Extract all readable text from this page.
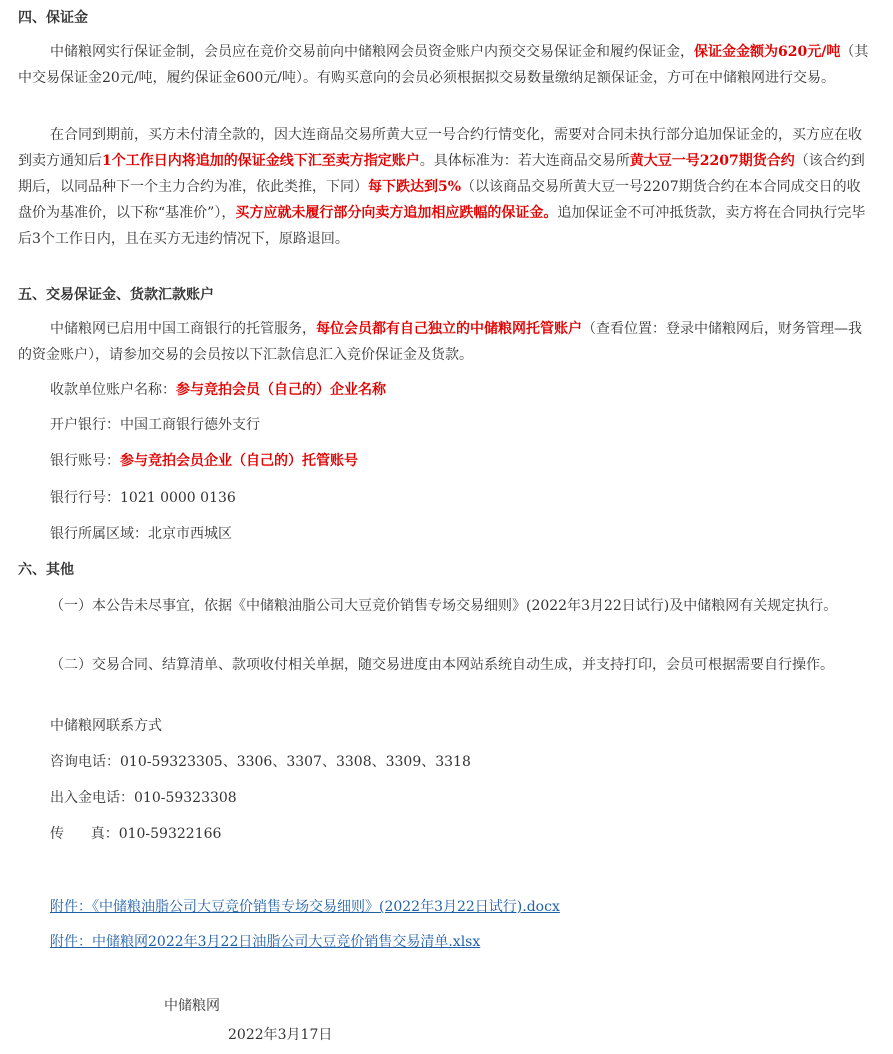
四、保证金

中储粮网实行保证金制，会员应在竞价交易前向中储粮网会员资金账户内预交交易保证金和履约保证金，保证金金额为620元/吨（其中交易保证金20元/吨，履约保证金600元/吨）。有购买意向的会员必须根据拟交易数量缴纳足额保证金，方可在中储粮网进行交易。

在合同到期前，买方未付清全款的，因大连商品交易所黄大豆一号合约行情变化，需要对合同未执行部分追加保证金的，买方应在收到卖方通知后1个工作日内将追加的保证金线下汇至卖方指定账户。具体标准为：若大连商品交易所黄大豆一号2207期货合约（该合约到期后，以同品种下一个主力合约为准，依此类推，下同）每下跌达到5%（以该商品交易所黄大豆一号2207期货合约在本合同成交日的收盘价为基准价，以下称“基准价”），买方应就未履行部分向卖方追加相应跌幅的保证金。追加保证金不可冲抵货款，卖方将在合同执行完毕后3个工作日内，且在买方无违约情况下，原路退回。

五、交易保证金、货款汇款账户

中储粮网已启用中国工商银行的托管服务，每位会员都有自己独立的中储粮网托管账户（查看位置：登录中储粮网后，财务管理—我的资金账户），请参加交易的会员按以下汇款信息汇入竞价保证金及货款。

收款单位账户名称：参与竞拍会员（自己的）企业名称

开户银行：中国工商银行德外支行

银行账号：参与竞拍会员企业（自己的）托管账号

银行行号：1021 0000 0136

银行所属区域：北京市西城区

六、其他

（一）本公告未尽事宜，依据《中储粮油脂公司大豆竞价销售专场交易细则》(2022年3月22日试行)及中储粮网有关规定执行。

（二）交易合同、结算清单、款项收付相关单据，随交易进度由本网站系统自动生成，并支持打印，会员可根据需要自行操作。

中储粮网联系方式

咨询电话：010-59323305、3306、3307、3308、3309、3318

出入金电话：010-59323308

传      真：010-59322166

附件：《中储粮油脂公司大豆竞价销售专场交易细则》(2022年3月22日试行).docx

附件：中储粮网2022年3月22日油脂公司大豆竞价销售交易清单.xlsx

中储粮网
2022年3月17日
